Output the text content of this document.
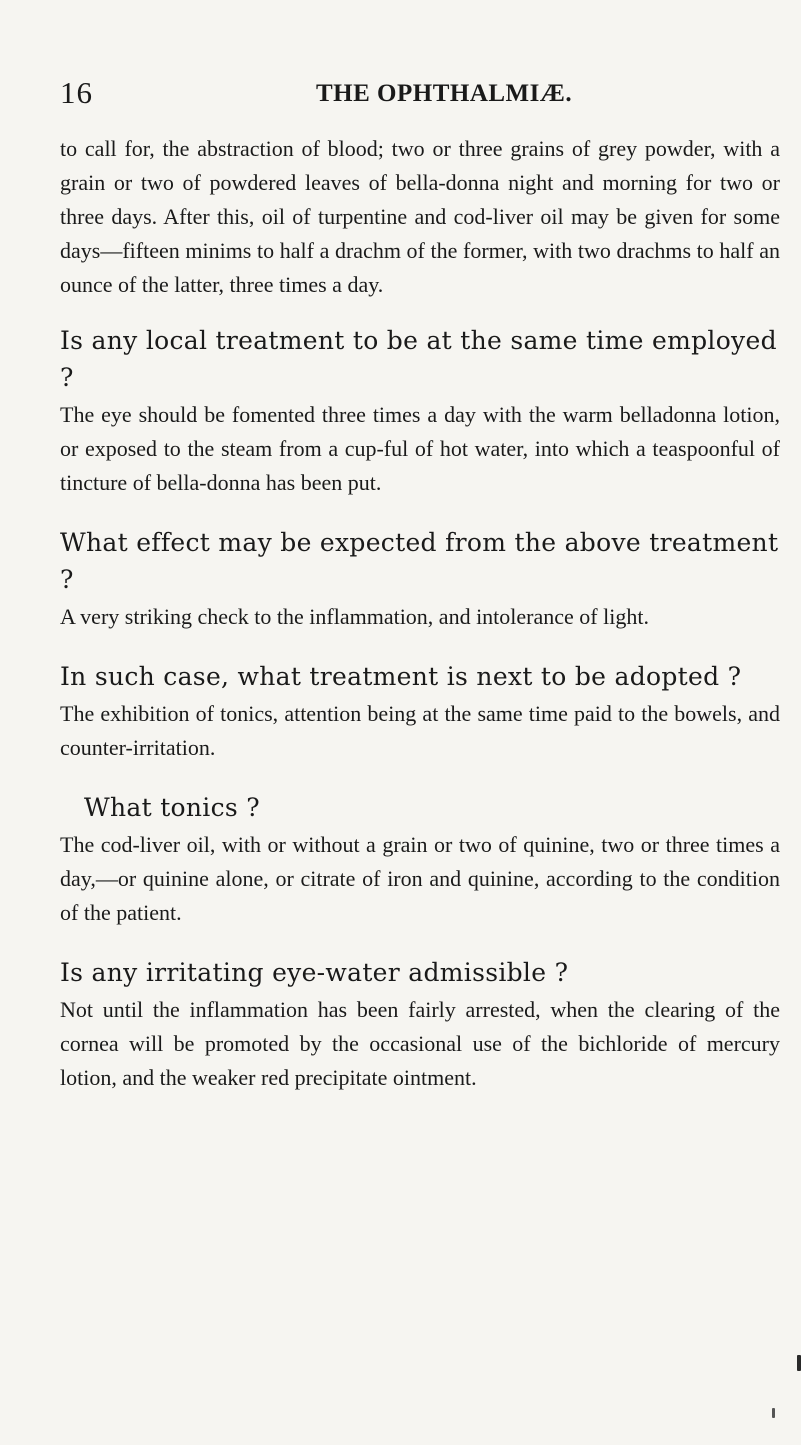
16	THE OPHTHALMIÆ.

to call for, the abstraction of blood; two or three grains of grey powder, with a grain or two of powdered leaves of bella-donna night and morning for two or three days. After this, oil of turpentine and cod-liver oil may be given for some days—fifteen minims to half a drachm of the former, with two drachms to half an ounce of the latter, three times a day.

Is any local treatment to be at the same time employed ?

The eye should be fomented three times a day with the warm belladonna lotion, or exposed to the steam from a cup-ful of hot water, into which a teaspoonful of tincture of bella-donna has been put.

What effect may be expected from the above treatment ?

A very striking check to the inflammation, and intolerance of light.

In such case, what treatment is next to be adopted ?

The exhibition of tonics, attention being at the same time paid to the bowels, and counter-irritation.

What tonics ?

The cod-liver oil, with or without a grain or two of quinine, two or three times a day,—or quinine alone, or citrate of iron and quinine, according to the condition of the patient.

Is any irritating eye-water admissible ?

Not until the inflammation has been fairly arrested, when the clearing of the cornea will be promoted by the occasional use of the bichloride of mercury lotion, and the weaker red precipitate ointment.
